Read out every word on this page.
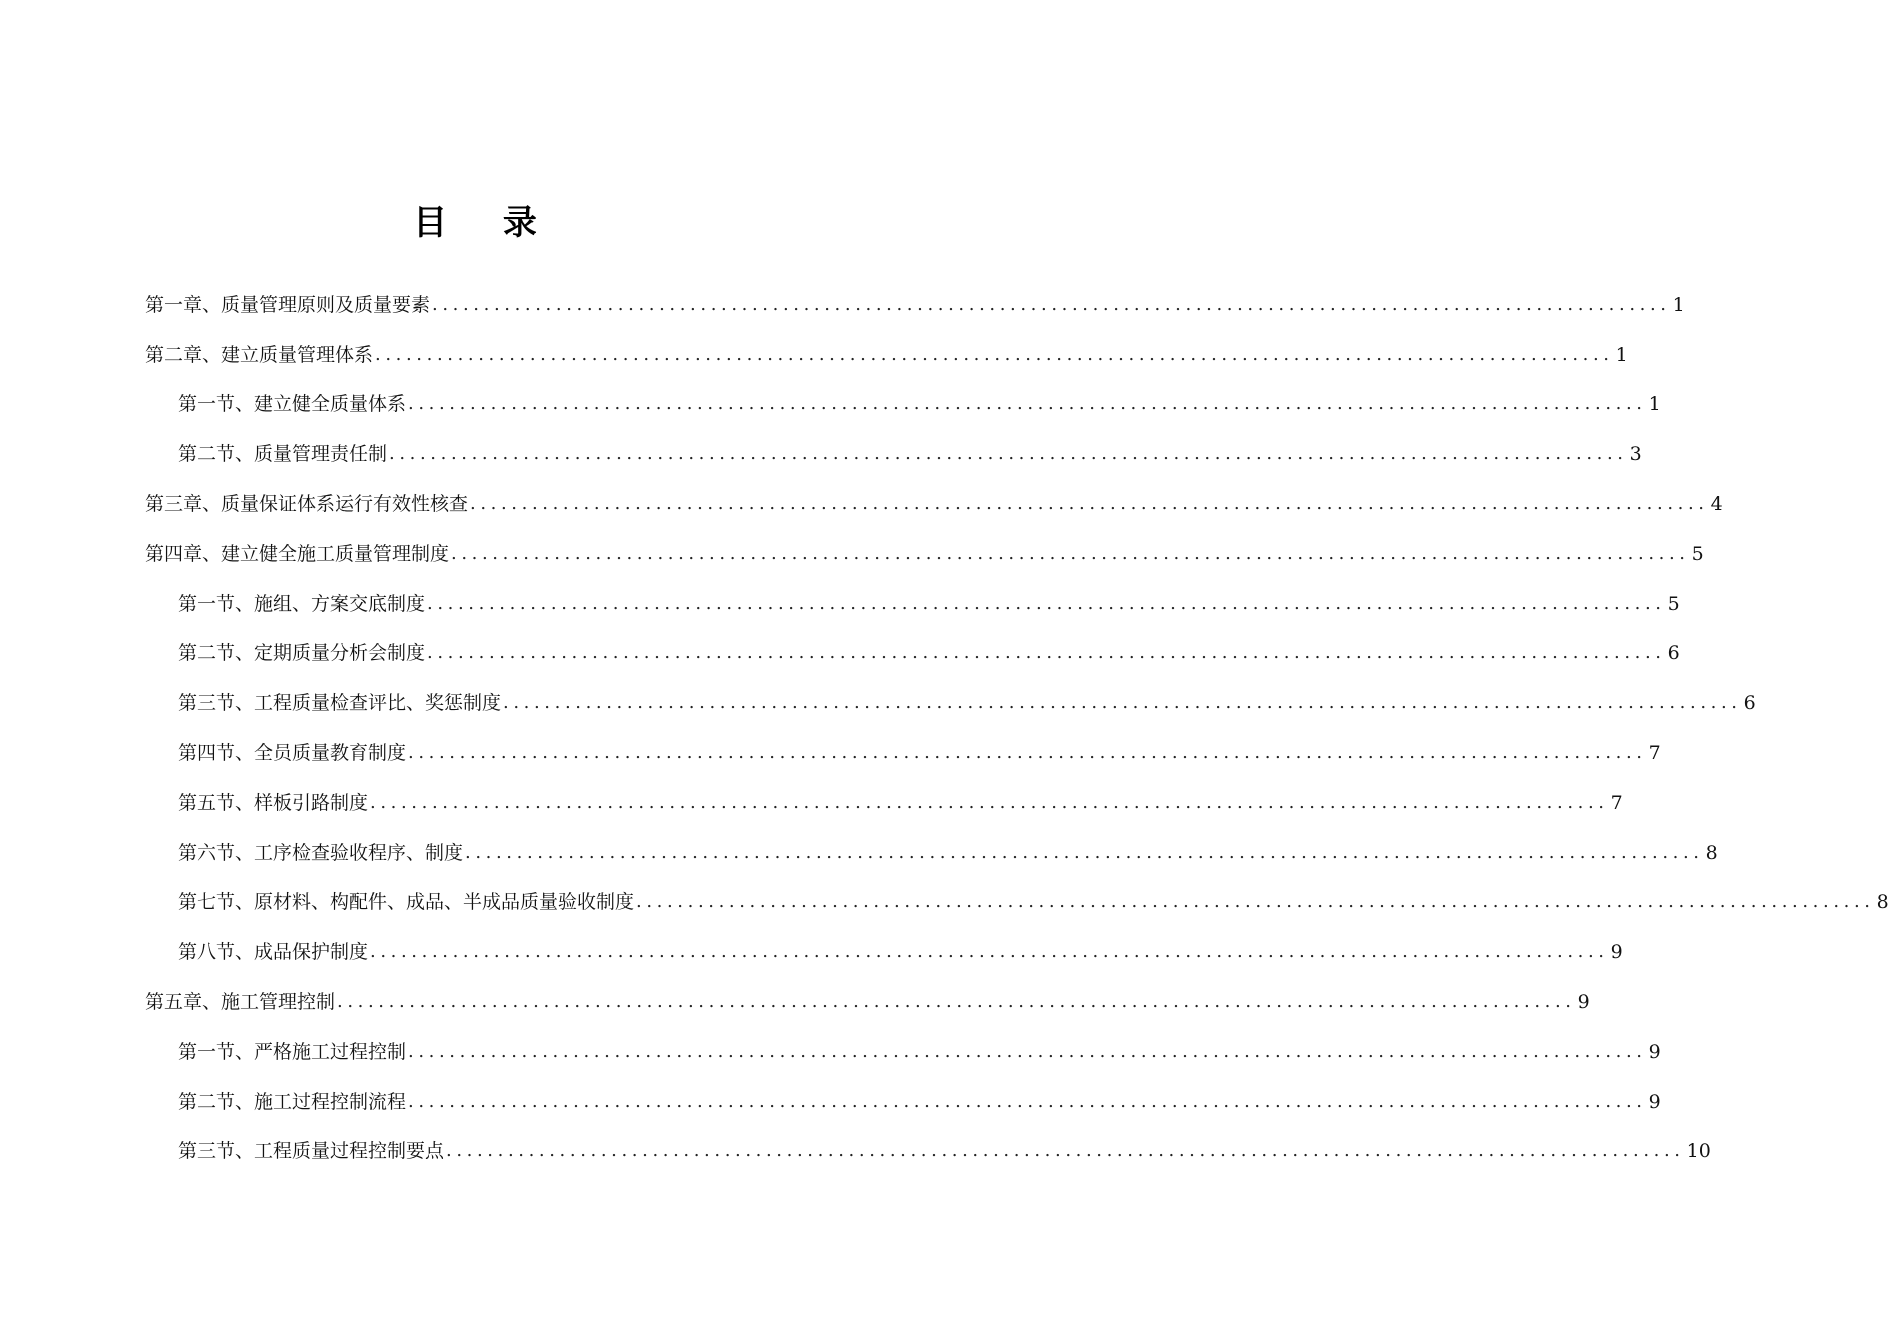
目 录
第一章、质量管理原则及质量要素 ........................................................................................................................ 1
第二章、建立质量管理体系 ........................................................................................................................ 1
第一节、建立健全质量体系 ........................................................................................................................ 1
第二节、质量管理责任制 ........................................................................................................................ 3
第三章、质量保证体系运行有效性核查 ........................................................................................................................ 4
第四章、建立健全施工质量管理制度 ........................................................................................................................ 5
第一节、施组、方案交底制度 ........................................................................................................................ 5
第二节、定期质量分析会制度 ........................................................................................................................ 6
第三节、工程质量检查评比、奖惩制度 ........................................................................................................................ 6
第四节、全员质量教育制度 ........................................................................................................................ 7
第五节、样板引路制度 ........................................................................................................................ 7
第六节、工序检查验收程序、制度 ........................................................................................................................ 8
第七节、原材料、构配件、成品、半成品质量验收制度 ........................................................................................................................ 8
第八节、成品保护制度 ........................................................................................................................ 9
第五章、施工管理控制 ........................................................................................................................ 9
第一节、严格施工过程控制 ........................................................................................................................ 9
第二节、施工过程控制流程 ........................................................................................................................ 9
第三节、工程质量过程控制要点 ........................................................................................................................ 10
